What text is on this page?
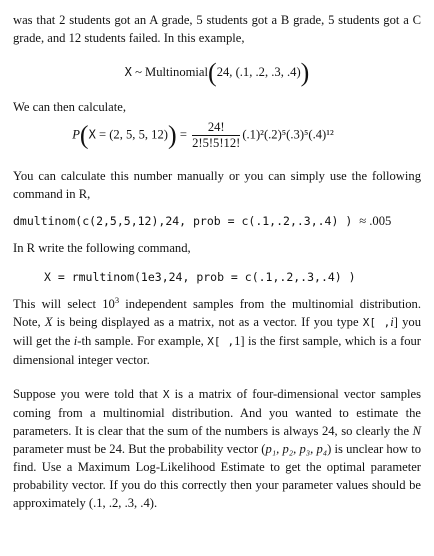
was that 2 students got an A grade, 5 students got a B grade, 5 students got a C grade, and 12 students failed. In this example,
X ~ Multinomial(24, (.1, .2, .3, .4))
We can then calculate,
P(X = (2, 5, 5, $12)) = \frac{24!}{2!5!5!12!} (.1)^2(.2)^5(.3)^5(.4)^{12}$
You can calculate this number manually or you can simply use the following command in R,
dmultinom(c(2,5,5,12),24, prob = c(.1,.2,.3,.4) ) ≈ .005
In R write the following command,
X = rmultinom(1e3,24, prob = c(.1,.2,.3,.4) )
This will select $10^3$ independent samples from the multinomial distribution. Note, X is being displayed as a matrix, not as a vector. If you type X[ ,i] you will get the i-th sample. For example, X[ ,1] is the first sample, which is a four dimensional integer vector.
Suppose you were told that X is a matrix of four-dimensional vector samples coming from a multinomial distribution. And you wanted to estimate the parameters. It is clear that the sum of the numbers is always 24, so clearly the N parameter must be 24. But the probability vector (p₁, p₂, p₃, p₄) is unclear how to find. Use a Maximum Log-Likelihood Estimate to get the optimal parameter probability vector. If you do this correctly then your parameter values should be approximately (.1, .2, .3, .4).
